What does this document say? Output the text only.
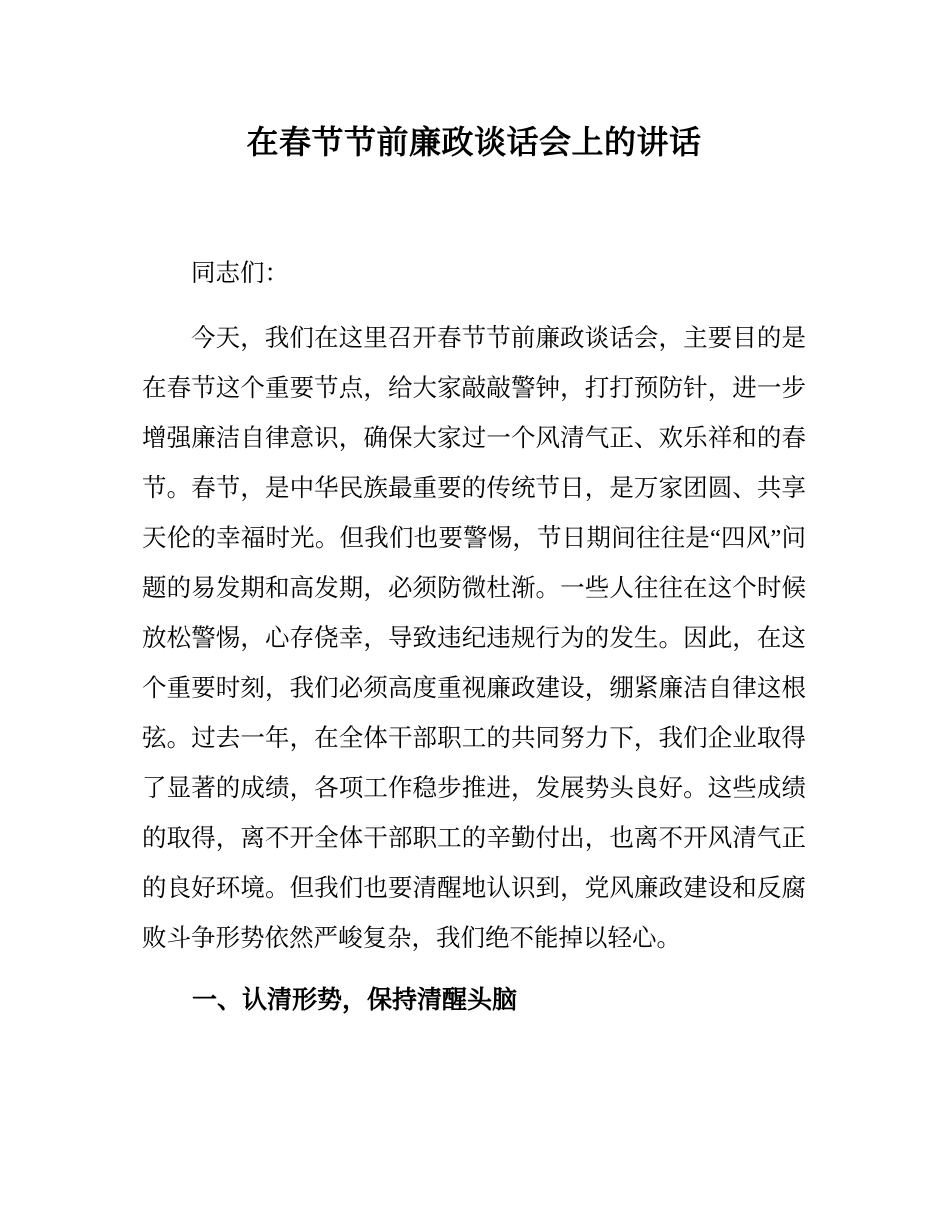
在春节节前廉政谈话会上的讲话

同志们：

今天，我们在这里召开春节节前廉政谈话会，主要目的是在春节这个重要节点，给大家敲敲警钟，打打预防针，进一步增强廉洁自律意识，确保大家过一个风清气正、欢乐祥和的春节。春节，是中华民族最重要的传统节日，是万家团圆、共享天伦的幸福时光。但我们也要警惕，节日期间往往是“四风”问题的易发期和高发期，必须防微杜渐。一些人往往在这个时候放松警惕，心存侥幸，导致违纪违规行为的发生。因此，在这个重要时刻，我们必须高度重视廉政建设，绷紧廉洁自律这根弦。过去一年，在全体干部职工的共同努力下，我们企业取得了显著的成绩，各项工作稳步推进，发展势头良好。这些成绩的取得，离不开全体干部职工的辛勤付出，也离不开风清气正的良好环境。但我们也要清醒地认识到，党风廉政建设和反腐败斗争形势依然严峻复杂，我们绝不能掉以轻心。

一、认清形势，保持清醒头脑
